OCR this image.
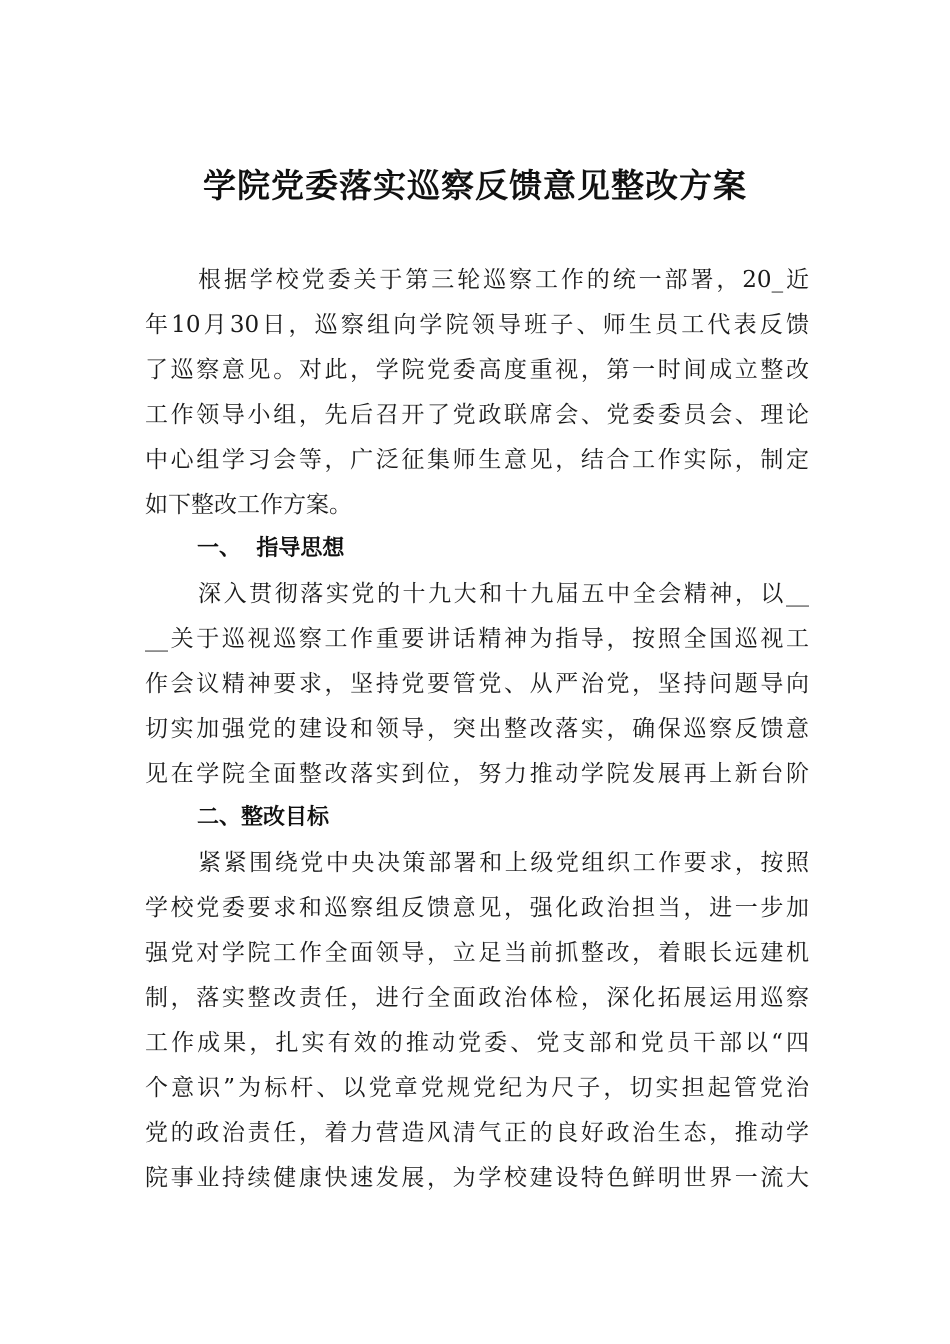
学院党委落实巡察反馈意见整改方案
根据学校党委关于第三轮巡察工作的统一部署，20_近
年10月30日，巡察组向学院领导班子、师生员工代表反馈
了巡察意见。对此，学院党委高度重视，第一时间成立整改
工作领导小组，先后召开了党政联席会、党委委员会、理论
中心组学习会等，广泛征集师生意见，结合工作实际，制定
如下整改工作方案。
一、  指导思想
深入贯彻落实党的十九大和十九届五中全会精神，以__
__关于巡视巡察工作重要讲话精神为指导，按照全国巡视工
作会议精神要求，坚持党要管党、从严治党，坚持问题导向
切实加强党的建设和领导，突出整改落实，确保巡察反馈意
见在学院全面整改落实到位，努力推动学院发展再上新台阶
二、整改目标
紧紧围绕党中央决策部署和上级党组织工作要求，按照
学校党委要求和巡察组反馈意见，强化政治担当，进一步加
强党对学院工作全面领导，立足当前抓整改，着眼长远建机
制，落实整改责任，进行全面政治体检，深化拓展运用巡察
工作成果，扎实有效的推动党委、党支部和党员干部以“四
个意识”为标杆、以党章党规党纪为尺子，切实担起管党治
党的政治责任，着力营造风清气正的良好政治生态，推动学
院事业持续健康快速发展，为学校建设特色鲜明世界一流大
